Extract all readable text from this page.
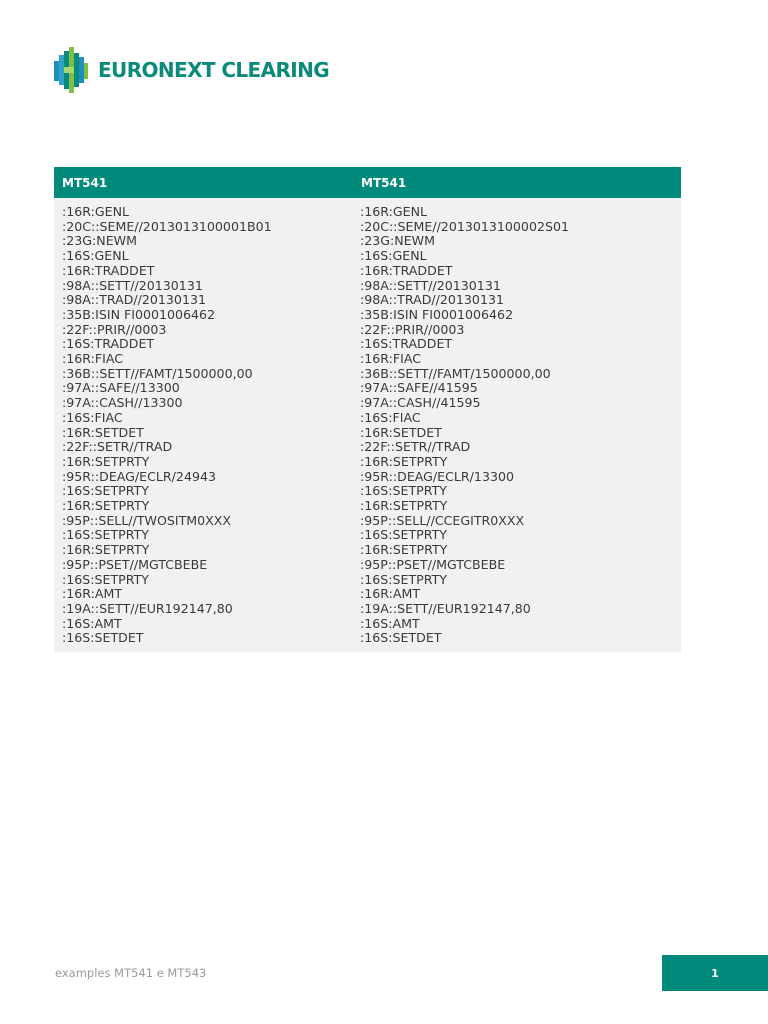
EURONEXT CLEARING
MT541	MT541
:16R:GENL
:20C::SEME//2013013100001B01
:23G:NEWM
:16S:GENL
:16R:TRADDET
:98A::SETT//20130131
:98A::TRAD//20130131
:35B:ISIN FI0001006462
:22F::PRIR//0003
:16S:TRADDET
:16R:FIAC
:36B::SETT//FAMT/1500000,00
:97A::SAFE//13300
:97A::CASH//13300
:16S:FIAC
:16R:SETDET
:22F::SETR//TRAD
:16R:SETPRTY
:95R::DEAG/ECLR/24943
:16S:SETPRTY
:16R:SETPRTY
:95P::SELL//TWOSITM0XXX
:16S:SETPRTY
:16R:SETPRTY
:95P::PSET//MGTCBEBE
:16S:SETPRTY
:16R:AMT
:19A::SETT//EUR192147,80
:16S:AMT
:16S:SETDET
:16R:GENL
:20C::SEME//2013013100002S01
:23G:NEWM
:16S:GENL
:16R:TRADDET
:98A::SETT//20130131
:98A::TRAD//20130131
:35B:ISIN FI0001006462
:22F::PRIR//0003
:16S:TRADDET
:16R:FIAC
:36B::SETT//FAMT/1500000,00
:97A::SAFE//41595
:97A::CASH//41595
:16S:FIAC
:16R:SETDET
:22F::SETR//TRAD
:16R:SETPRTY
:95R::DEAG/ECLR/13300
:16S:SETPRTY
:16R:SETPRTY
:95P::SELL//CCEGITR0XXX
:16S:SETPRTY
:16R:SETPRTY
:95P::PSET//MGTCBEBE
:16S:SETPRTY
:16R:AMT
:19A::SETT//EUR192147,80
:16S:AMT
:16S:SETDET
examples MT541 e MT543	1
